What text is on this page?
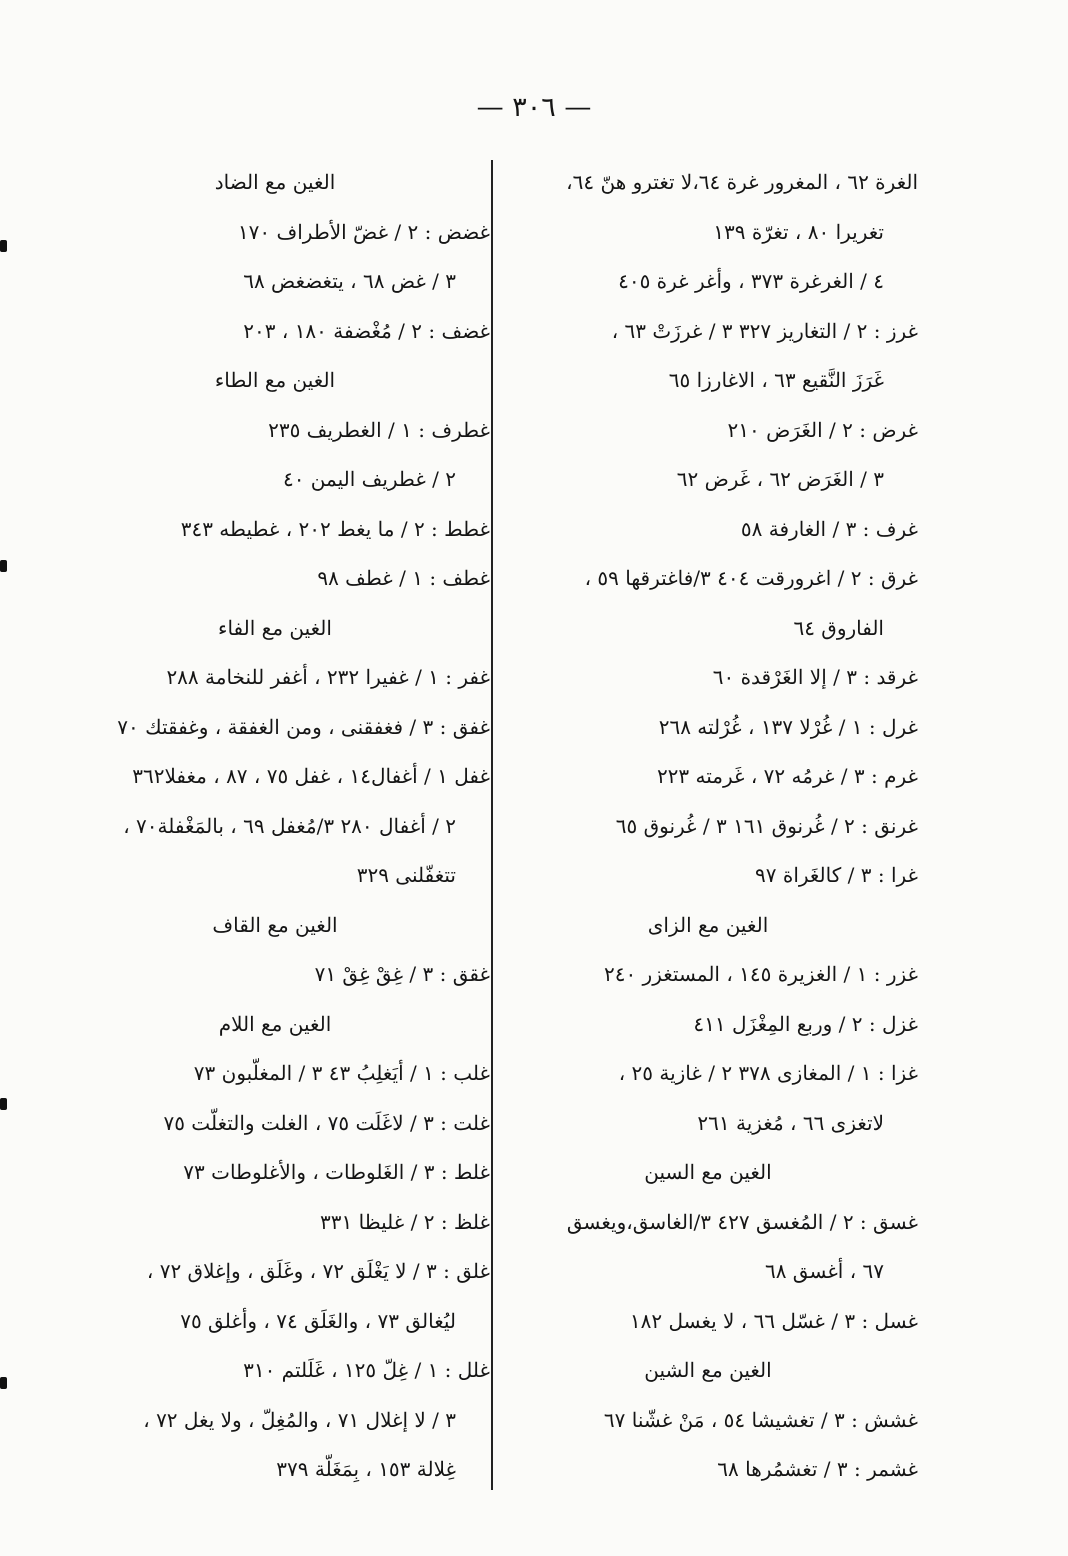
— ٣٠٦ —
الغرة ٦٢ ، المغرور غرة ٦٤،لا تغترو هنّ ٦٤،
تغريرا ٨٠ ، تغرّة ١٣٩
٤ / الغرغرة ٣٧٣ ، وأغر غرة ٤٠٥
غرز : ٢ / التغاريز ٣٢٧ ٣ / غرزَتْ ٦٣ ،
غَرَزَ النَّقيع ٦٣ ، الاغارزا ٦٥
غرض : ٢ / الغَرَض ٢١٠
٣ / الغَرَض ٦٢ ، غَرض ٦٢
غرف : ٣ / الغارفة ٥٨
غرق : ٢ / اغرورقت ٤٠٤ ٣/فاغترقها ٥٩ ،
الفاروق ٦٤
غرقد : ٣ / إلا الغَرْقدة ٦٠
غرل : ١ / غُرْلا ١٣٧ ، غُرْلته ٢٦٨
غرم : ٣ / غرمُه ٧٢ ، غَرمته ٢٢٣
غرنق : ٢ / غُرنوق ١٦١ ٣ / غُرنوق ٦٥
غرا : ٣ / كالغَراة ٩٧
الغين مع الزاى
غزر : ١ / الغزيرة ١٤٥ ، المستغزر ٢٤٠
غزل : ٢ / وربع المِغْزَل ٤١١
غزا : ١ / المغازى ٣٧٨ ٢ / غازية ٢٥ ،
لاتغزى ٦٦ ، مُغزية ٢٦١
الغين مع السين
غسق : ٢ / المُغسق ٤٢٧ ٣/الغاسق،ويغسق
٦٧ ، أغسق ٦٨
غسل : ٣ / غسّل ٦٦ ، لا يغسل ١٨٢
الغين مع الشين
غشش : ٣ / تغشيشا ٥٤ ، مَنْ غشّنا ٦٧
غشمر : ٣ / تغشمُرها ٦٨
الغين مع الضاد
غضض : ٢ / غضّ الأطراف ١٧٠
٣ / غض ٦٨ ، يتغضغض ٦٨
غضف : ٢ / مُغْضفة ١٨٠ ، ٢٠٣
الغين مع الطاء
غطرف : ١ / الغطريف ٢٣٥
٢ / غطريف اليمن ٤٠
غطط : ٢ / ما يغط ٢٠٢ ، غطيطه ٣٤٣
غطف : ١ / غطف ٩٨
الغين مع الفاء
غفر : ١ / غفيرا ٢٣٢ ، أغفر للنخامة ٢٨٨
غفق : ٣ / فغفقنى ، ومن الغفقة ، وغفقتك ٧٠
غفل ١ / أغفال١٤ ، غفل ٧٥ ، ٨٧ ، مغفلا٣٦٢
٢ / أغفال ٢٨٠ ٣/مُغفل ٦٩ ، بالمَغْفلة٧٠ ،
تتغفّلنى ٣٢٩
الغين مع القاف
غقق : ٣ / غِقْ غِقْ ٧١
الغين مع اللام
غلب : ١ / أيَغلِبُ ٤٣ ٣ / المغلّبون ٧٣
غلت : ٣ / لاغَلَت ٧٥ ، الغلت والتغلّت ٧٥
غلط : ٣ / الغَلوطات ، والأغلوطات ٧٣
غلظ : ٢ / غليظا ٣٣١
غلق : ٣ / لا يَغْلَق ٧٢ ، وغَلَق ، وإغلاق ٧٢ ،
ليُغالق ٧٣ ، والغَلَق ٧٤ ، وأغلق ٧٥
غلل : ١ / غِلّ ١٢٥ ، غَلَلتم ٣١٠
٣ / لا إغلال ٧١ ، والمُغِلّ ، ولا يغل ٧٢ ،
غِلالة ١٥٣ ، بِمَغَلّة ٣٧٩
